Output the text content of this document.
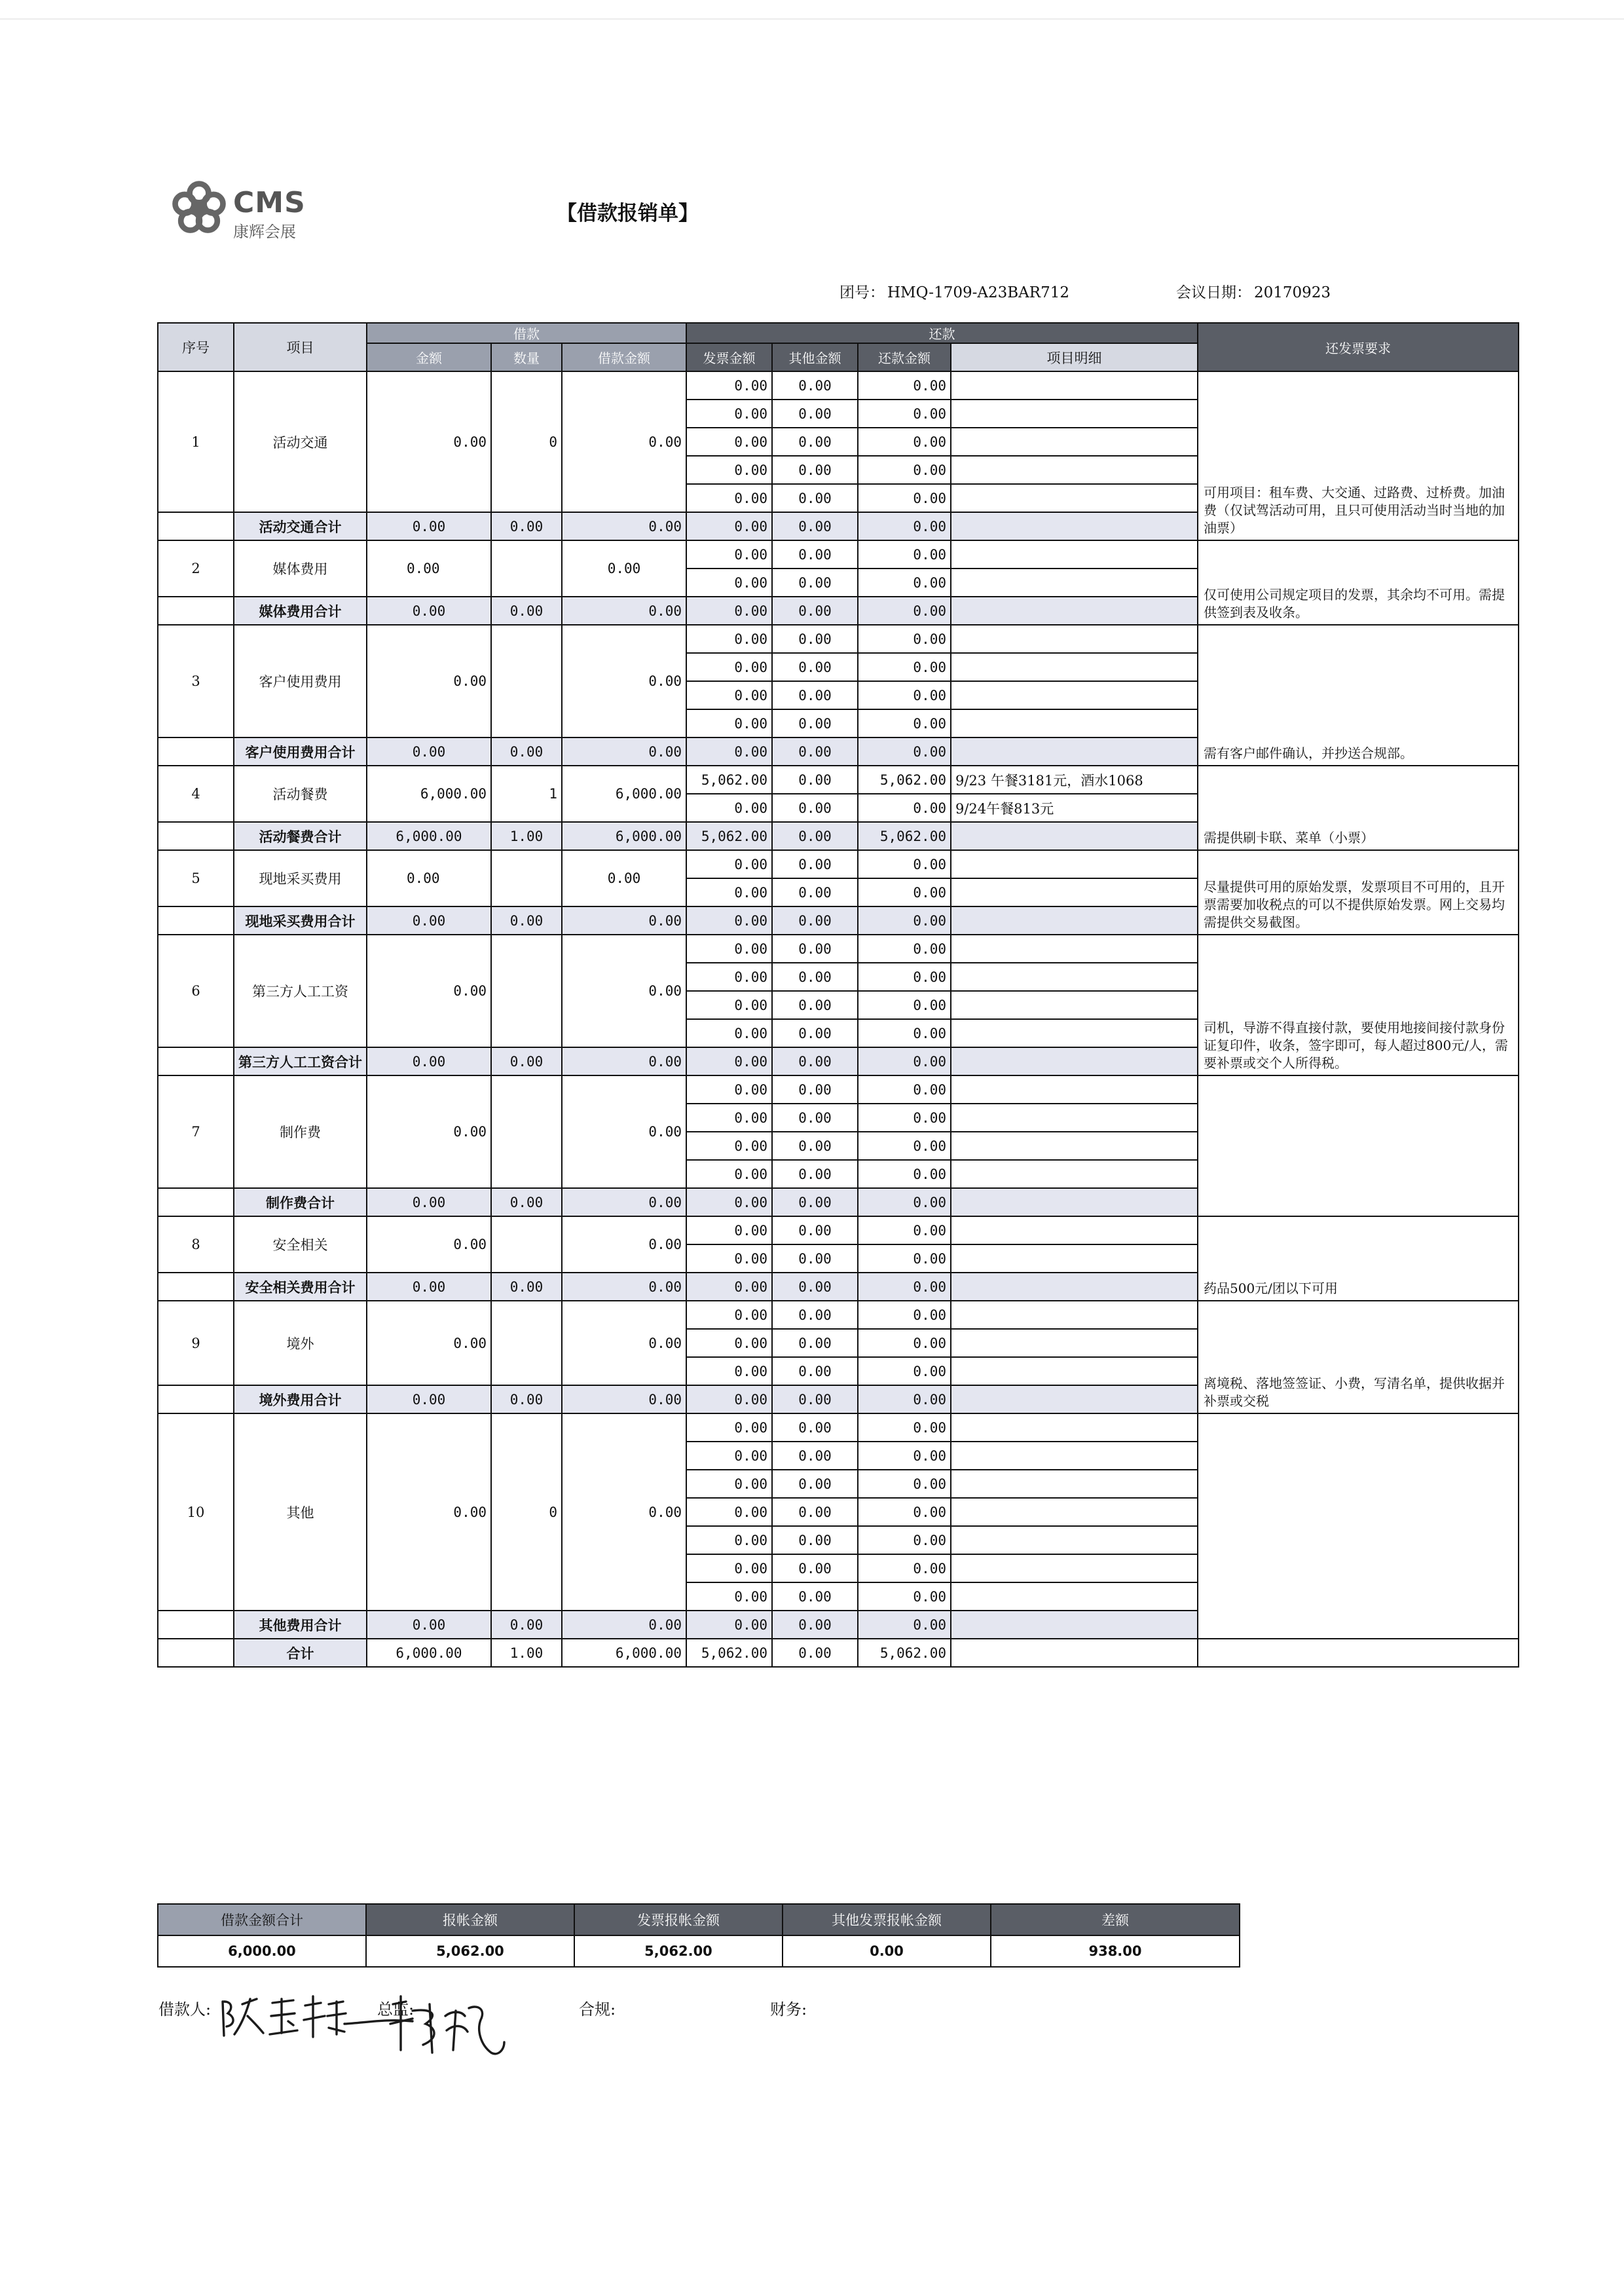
CMS
康辉会展
【借款报销单】
团号： HMQ-1709-A23BAR712	会议日期： 20170923
序号	项目	借款			还款				还发票要求
		金额	数量	借款金额	发票金额	其他金额	还款金额	项目明细	
1	活动交通	0.00	0	0.00	0.00	0.00	0.00		可用项目：租车费、大交通、过路费、过桥费。加油费（仅试驾活动可用，且只可使用活动当时当地的加油票）
					0.00	0.00	0.00		
					0.00	0.00	0.00		
					0.00	0.00	0.00		
					0.00	0.00	0.00		
	活动交通合计	0.00	0.00	0.00	0.00	0.00	0.00		
2	媒体费用	0.00		0.00	0.00	0.00	0.00		仅可使用公司规定项目的发票，其余均不可用。需提供签到表及收条。
					0.00	0.00	0.00		
	媒体费用合计	0.00	0.00	0.00	0.00	0.00	0.00		
3	客户使用费用	0.00		0.00	0.00	0.00	0.00		需有客户邮件确认，并抄送合规部。
					0.00	0.00	0.00		
					0.00	0.00	0.00		
					0.00	0.00	0.00		
	客户使用费用合计	0.00	0.00	0.00	0.00	0.00	0.00		
4	活动餐费	6,000.00	1	6,000.00	5,062.00	0.00	5,062.00	9/23 午餐3181元，酒水1068	需提供刷卡联、菜单（小票）
					0.00	0.00	0.00	9/24午餐813元	
	活动餐费合计	6,000.00	1.00	6,000.00	5,062.00	0.00	5,062.00		
5	现地采买费用	0.00		0.00	0.00	0.00	0.00		尽量提供可用的原始发票，发票项目不可用的，且开票需要加收税点的可以不提供原始发票。网上交易均需提供交易截图。
					0.00	0.00	0.00		
	现地采买费用合计	0.00	0.00	0.00	0.00	0.00	0.00		
6	第三方人工工资	0.00		0.00	0.00	0.00	0.00		司机，导游不得直接付款，要使用地接间接付款身份证复印件，收条，签字即可，每人超过800元/人，需要补票或交个人所得税。
					0.00	0.00	0.00		
					0.00	0.00	0.00		
					0.00	0.00	0.00		
	第三方人工工资合计	0.00	0.00	0.00	0.00	0.00	0.00		
7	制作费	0.00		0.00	0.00	0.00	0.00		
					0.00	0.00	0.00		
					0.00	0.00	0.00		
					0.00	0.00	0.00		
	制作费合计	0.00	0.00	0.00	0.00	0.00	0.00		
8	安全相关	0.00		0.00	0.00	0.00	0.00		药品500元/团以下可用
					0.00	0.00	0.00		
	安全相关费用合计	0.00	0.00	0.00	0.00	0.00	0.00		
9	境外	0.00		0.00	0.00	0.00	0.00		离境税、落地签签证、小费，写清名单，提供收据并补票或交税
					0.00	0.00	0.00		
					0.00	0.00	0.00		
	境外费用合计	0.00	0.00	0.00	0.00	0.00	0.00		
10	其他	0.00	0	0.00	0.00	0.00	0.00		
					0.00	0.00	0.00		
					0.00	0.00	0.00		
					0.00	0.00	0.00		
					0.00	0.00	0.00		
					0.00	0.00	0.00		
					0.00	0.00	0.00		
	其他费用合计	0.00	0.00	0.00	0.00	0.00	0.00		
	合计	6,000.00	1.00	6,000.00	5,062.00	0.00	5,062.00		
借款金额合计	报帐金额	发票报帐金额	其他发票报帐金额	差额
6,000.00	5,062.00	5,062.00	0.00	938.00
借款人:	总监:	合规:	财务:
